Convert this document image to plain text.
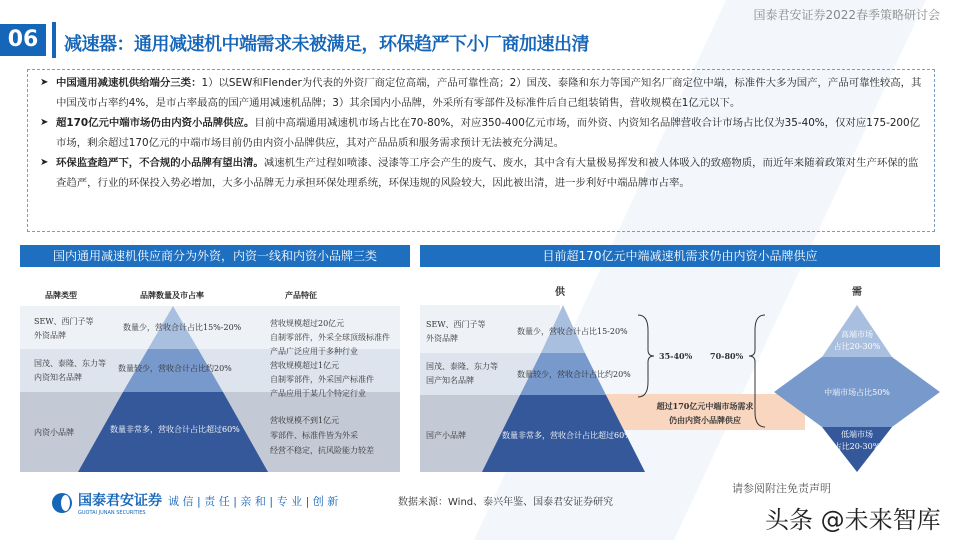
06
国泰君安证券2022春季策略研讨会
减速器：通用减速机中端需求未被满足，环保趋严下小厂商加速出清
➤ 中国通用减速机供给端分三类：1）以SEW和Flender为代表的外资厂商定位高端，产品可靠性高；2）国茂、泰隆和东力等国产知名厂商定位中端，标准件大多为国产，产品可靠性较高，其中国茂市占率约4%，是市占率最高的国产通用减速机品牌；3）其余国内小品牌，外采所有零部件及标准件后自己组装销售，营收规模在1亿元以下。
➤ 超170亿元中端市场仍由内资小品牌供应。目前中高端通用减速机市场占比在70-80%，对应350-400亿元市场，而外资、内资知名品牌营收合计市场占比仅为35-40%，仅对应175-200亿市场，剩余超过170亿元的中端市场目前仍由内资小品牌供应，其对产品品质和服务需求预计无法被充分满足。
➤ 环保监查趋严下，不合规的小品牌有望出清。减速机生产过程如喷漆、浸漆等工序会产生的废气、废水，其中含有大量极易挥发和被人体吸入的致癌物质，而近年来随着政策对生产环保的监查趋严，行业的环保投入势必增加，大多小品牌无力承担环保处理系统，环保违规的风险较大，因此被出清，进一步利好中端品牌市占率。
国内通用减速机供应商分为外资，内资一线和内资小品牌三类	目前超170亿元中端减速机需求仍由内资小品牌供应
品牌类型	品牌数量及市占率	产品特征
SEW、西门子等
外资品牌
数量少，营收合计占比15%-20%
国茂、泰隆、东力等
内资知名品牌
数量较少，营收合计占比约20%
内资小品牌	数量非常多，营收合计占比超过60%
营收规模超过20亿元
自制零部件，外采全球顶级标准件
产品广泛应用于多种行业
营收规模超过1亿元
自制零部件，外采国产标准件
产品应用于某几个特定行业
营收规模不到1亿元
零部件、标准件皆为外采
经营不稳定，抗风险能力较差
供	需
SEW、西门子等
外资品牌
数量少，营收合计占比15-20%
国茂、泰隆、东力等
国产知名品牌
数量较少，营收合计占比约20%
国产小品牌	数量非常多，营收合计占比超过60%
35-40% 70-80%
超过170亿元中端市场需求
仍由内资小品牌供应
高端市场
占比20-30%
中端市场占比50%
低端市场
占比20-30%
国泰君安证券
GUOTAI JUNAN SECURITIES
诚 信 | 责 任 | 亲 和 | 专 业 | 创 新	数据来源：Wind、泰兴年鉴、国泰君安证券研究
请参阅附注免责声明
头条 @未来智库
